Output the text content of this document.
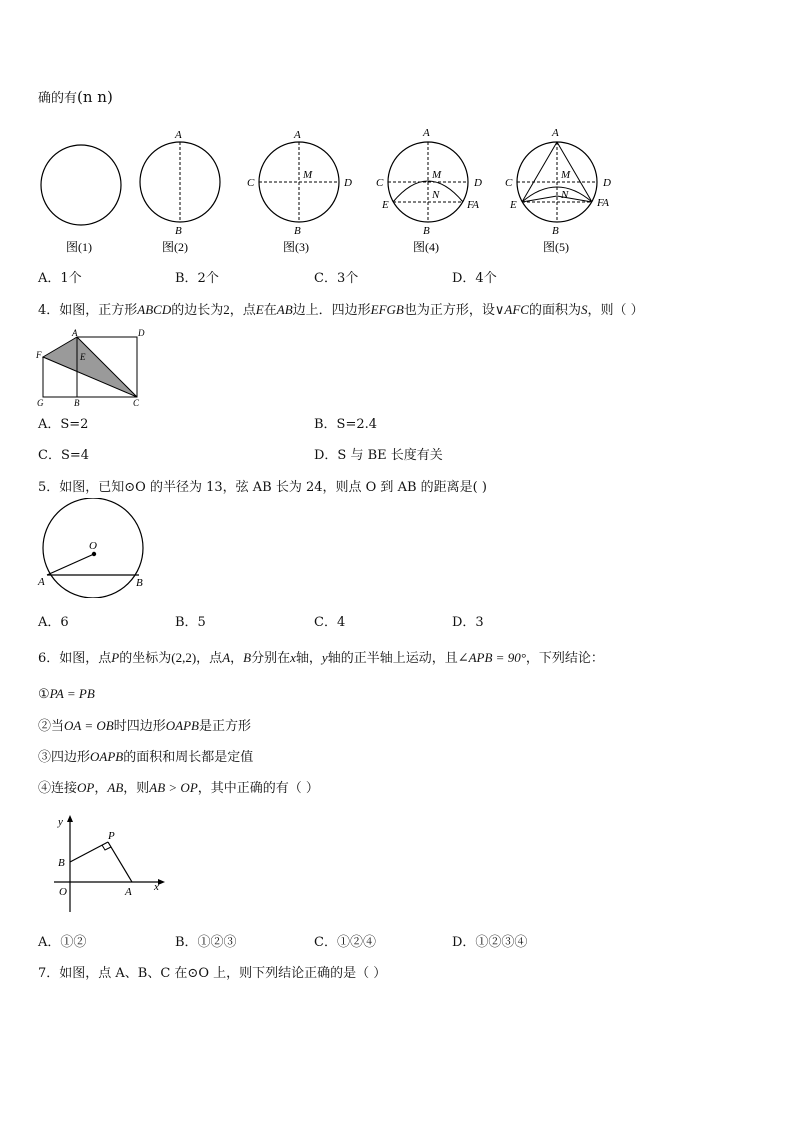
确的有(n n)
图(1)
A
B
图(2)
A
B
C	D
M
图(3)
A
B
C	D
M
N
E	FA
图(4)
A
B
C	D
M
N
E	FA
图(5)
A．1个	B．2个	C．3个	D．4个
4．如图，正方形ABCD的边长为2，点E在AB边上．四边形EFGB也为正方形，设∨AFC的面积为S，则（ ）
A	D
F	E
G	B	C
A．S=2	B．S=2.4
C．S=4	D．S 与 BE 长度有关
5．如图，已知⊙O 的半径为 13，弦 AB 长为 24，则点 O 到 AB 的距离是( )
O
A	B
A．6	B．5	C．4	D．3
6．如图，点P的坐标为(2,2)，点A，B分别在x轴，y轴的正半轴上运动，且∠APB = 90°，下列结论：
①PA = PB
②当OA = OB时四边形OAPB是正方形
③四边形OAPB的面积和周长都是定值
④连接OP，AB，则AB > OP，其中正确的有（ ）
y
P
B
O	A x
A．①②	B．①②③	C．①②④	D．①②③④
7．如图，点 A、B、C 在⊙O 上，则下列结论正确的是（ ）
